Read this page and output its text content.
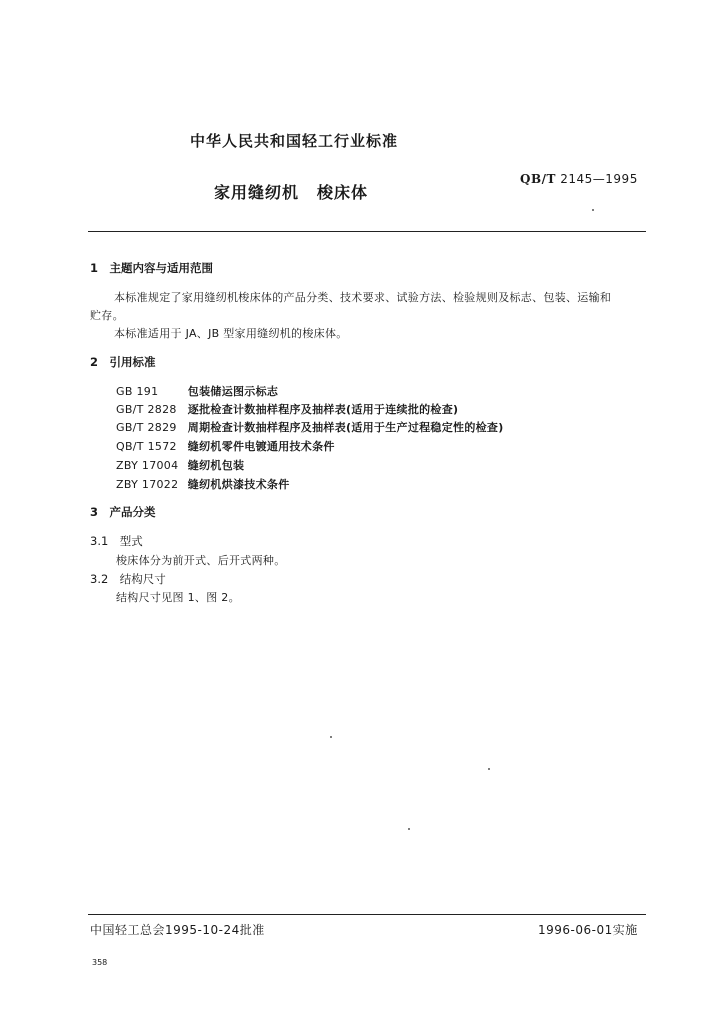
中华人民共和国轻工行业标准
QB/T 2145—1995
家用缝纫机 梭床体
1　主题内容与适用范围
本标准规定了家用缝纫机梭床体的产品分类、技术要求、试验方法、检验规则及标志、包装、运输和
贮存。
本标准适用于 JA、JB 型家用缝纫机的梭床体。
2　引用标准
GB 191	包装储运图示标志
GB/T 2828 逐批检查计数抽样程序及抽样表(适用于连续批的检查)
GB/T 2829 周期检查计数抽样程序及抽样表(适用于生产过程稳定性的检查)
QB/T 1572 缝纫机零件电镀通用技术条件
ZBY 17004 缝纫机包装
ZBY 17022 缝纫机烘漆技术条件
3　产品分类
3.1　型式
梭床体分为前开式、后开式两种。
3.2　结构尺寸
结构尺寸见图 1、图 2。
中国轻工总会1995-10-24批准	1996-06-01实施
358
